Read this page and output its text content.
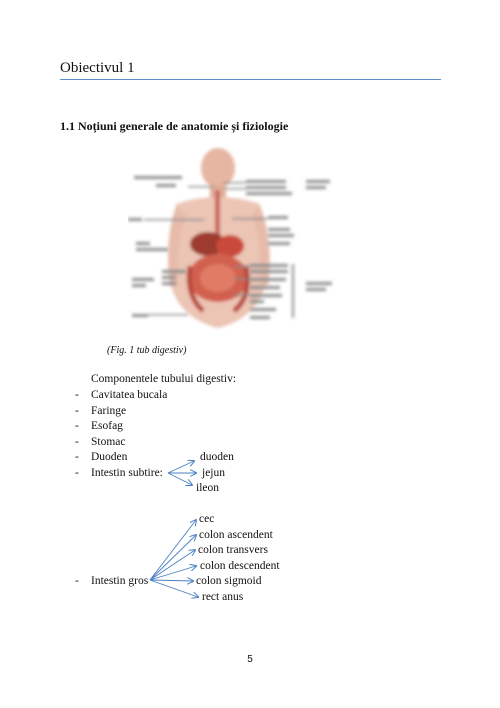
Obiectivul 1
1.1 Noțiuni generale de anatomie și fiziologie
(Fig. 1 tub digestiv)
Componentele tubului digestiv:
-	Cavitatea bucala
-	Faringe
-	Esofag
-	Stomac
-	Duoden	duoden
-	Intestin subtire:	jejun
ileon
cec
colon ascendent
colon transvers
colon descendent
-	Intestin gros	colon sigmoid
rect anus
5
